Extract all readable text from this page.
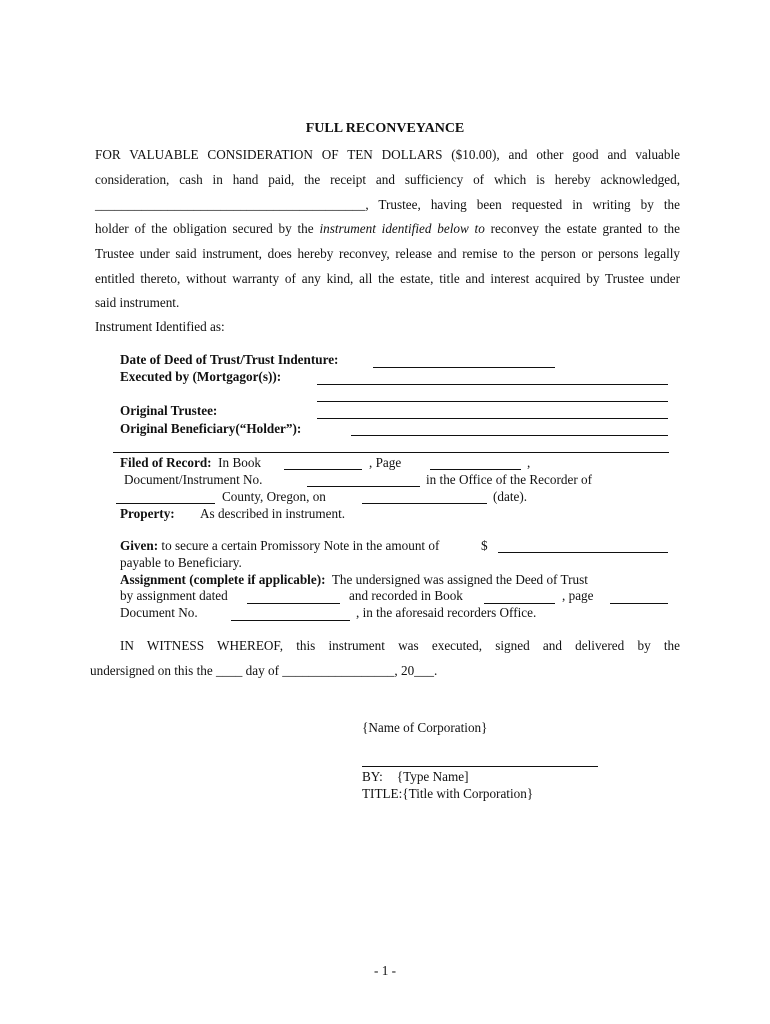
FULL RECONVEYANCE
FOR VALUABLE CONSIDERATION OF TEN DOLLARS ($10.00), and other good and valuable
consideration, cash in hand paid, the receipt and sufficiency of which is hereby acknowledged,
_________________________________________, Trustee, having been requested in writing by the
holder of the obligation secured by the instrument identified below to reconvey the estate granted to the
Trustee under said instrument, does hereby reconvey, release and remise to the person or persons legally
entitled thereto, without warranty of any kind, all the estate, title and interest acquired by Trustee under
said instrument.
Instrument Identified as:
Date of Deed of Trust/Trust Indenture:
Executed by (Mortgagor(s)):
Original Trustee:
Original Beneficiary(“Holder”):
Filed of Record: In Book	, Page	,
Document/Instrument No.	in the Office of the Recorder of
County, Oregon, on	(date).
Property: As described in instrument.
Given: to secure a certain Promissory Note in the amount of	$
payable to Beneficiary.
Assignment (complete if applicable): The undersigned was assigned the Deed of Trust
by assignment dated	and recorded in Book	, page
Document No.	, in the aforesaid recorders Office.
IN WITNESS WHEREOF, this instrument was executed, signed and delivered by the
undersigned on this the ____ day of _________________, 20___.
{Name of Corporation}
BY: {Type Name]
TITLE:{Title with Corporation}
- 1 -
